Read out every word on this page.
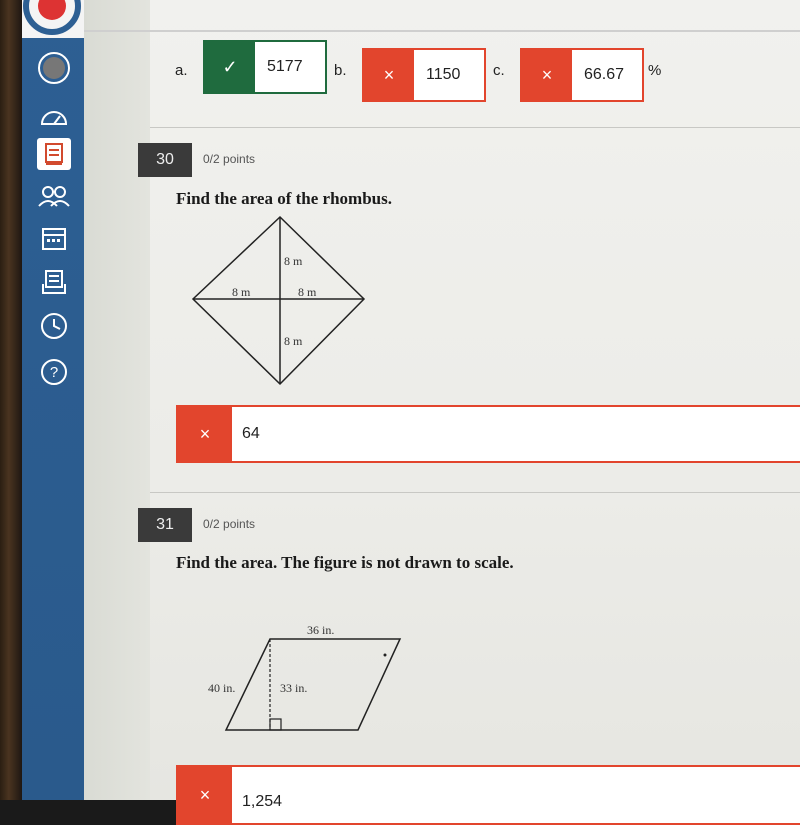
?
a.	✓	5177	b.	×	1150	c.	×	66.67	%
30	0/2 points
Find the area of the rhombus.
8 m
8 m	8 m
8 m
×	64
31	0/2 points
Find the area. The figure is not drawn to scale.
36 in.
40 in.	33 in.
×	1,254
